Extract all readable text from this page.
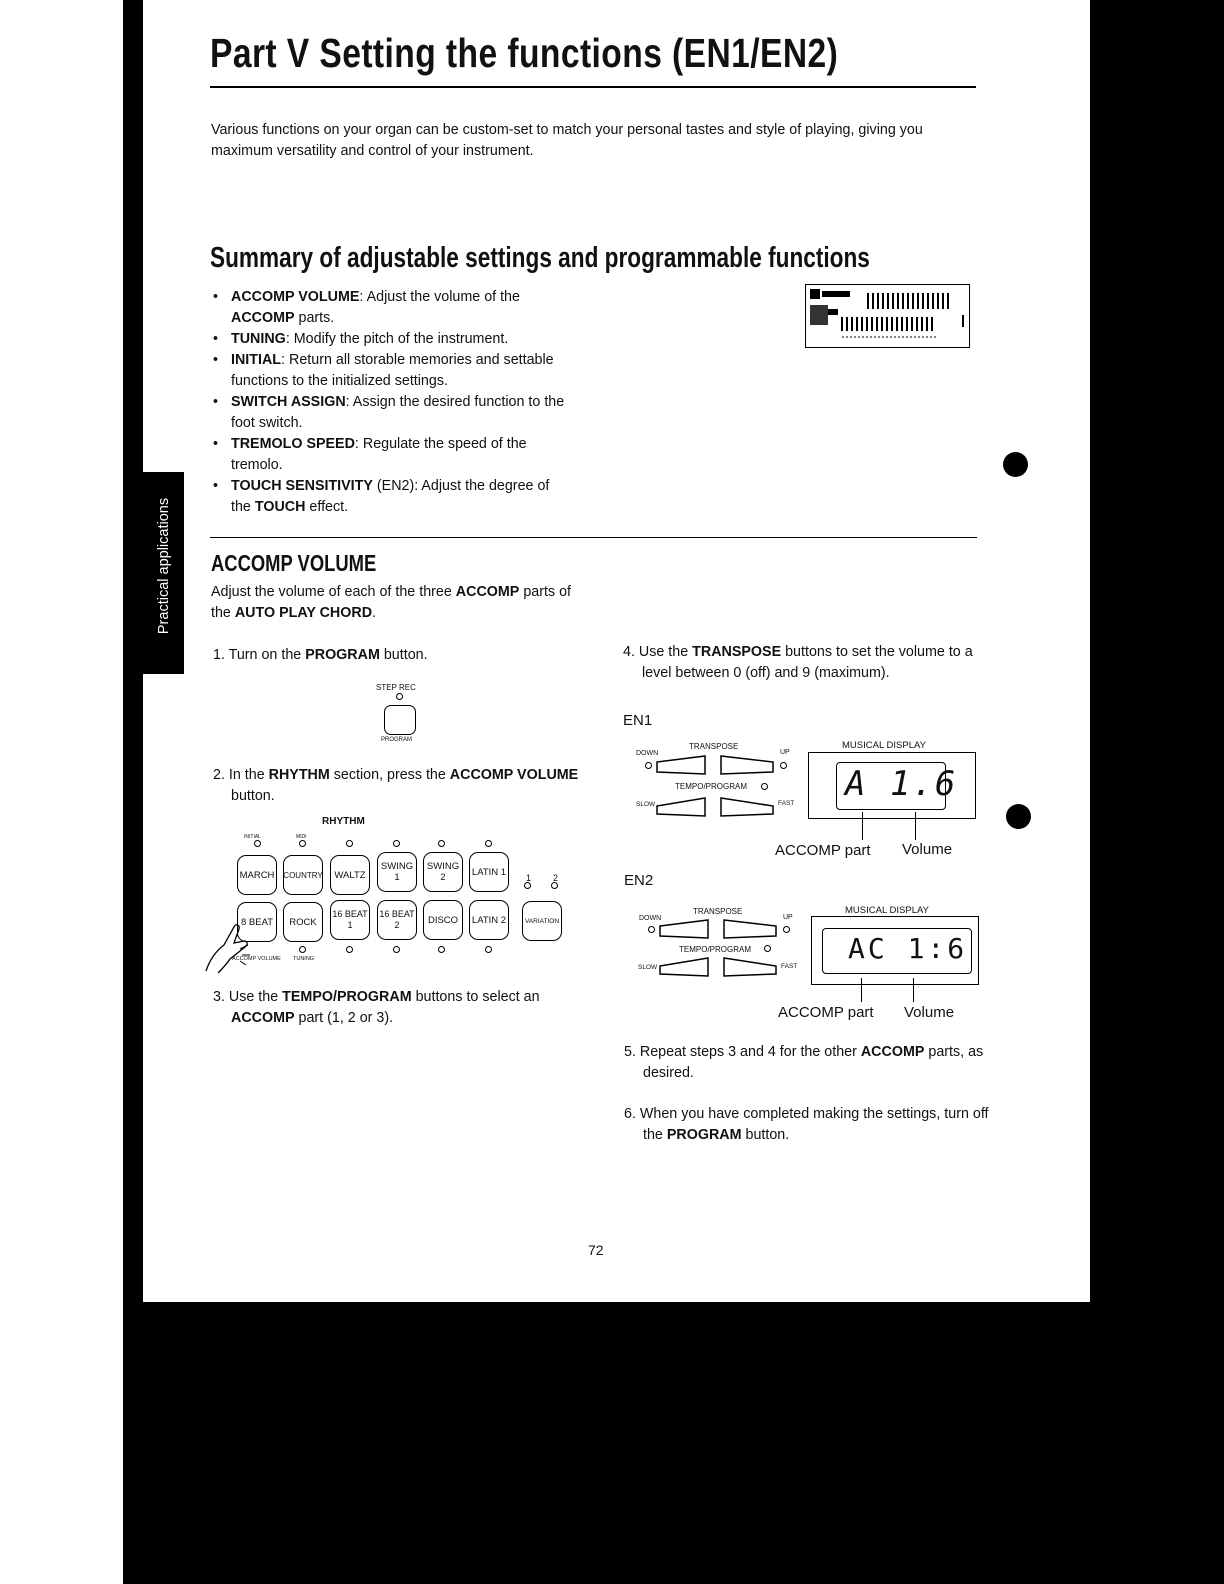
Practical applications
Part V Setting the functions (EN1/EN2)
Various functions on your organ can be custom-set to match your personal tastes and style of playing, giving you maximum versatility and control of your instrument.
Summary of adjustable settings and programmable functions
• ACCOMP VOLUME: Adjust the volume of the ACCOMP parts.
• TUNING: Modify the pitch of the instrument.
• INITIAL: Return all storable memories and settable functions to the initialized settings.
• SWITCH ASSIGN: Assign the desired function to the foot switch.
• TREMOLO SPEED: Regulate the speed of the tremolo.
• TOUCH SENSITIVITY (EN2): Adjust the degree of the TOUCH effect.
ACCOMP VOLUME
Adjust the volume of each of the three ACCOMP parts of the AUTO PLAY CHORD.
1. Turn on the PROGRAM button.
STEP REC
PROGRAM
2. In the RHYTHM section, press the ACCOMP VOLUME button.
RHYTHM
INITIAL	MIDI
MARCH	COUNTRY	WALTZ
SWING 1
SWING 2	LATIN 1
1 2
8 BEAT	ROCK
16 BEAT 1
16 BEAT 2	DISCO	LATIN 2	VARIATION
ACCOMP VOLUME TUNING
3. Use the TEMPO/PROGRAM buttons to select an ACCOMP part (1, 2 or 3).
4. Use the TRANSPOSE buttons to set the volume to a level between 0 (off) and 9 (maximum).
EN1
TRANSPOSE
DOWN	UP
TEMPO/PROGRAM
SLOW	FAST
MUSICAL DISPLAY
A 1.6
ACCOMP part Volume
EN2
TRANSPOSE
DOWN	UP
TEMPO/PROGRAM
SLOW	FAST
MUSICAL DISPLAY
AC 1:6
ACCOMP part Volume
5. Repeat steps 3 and 4 for the other ACCOMP parts, as desired.
6. When you have completed making the settings, turn off the PROGRAM button.
72
